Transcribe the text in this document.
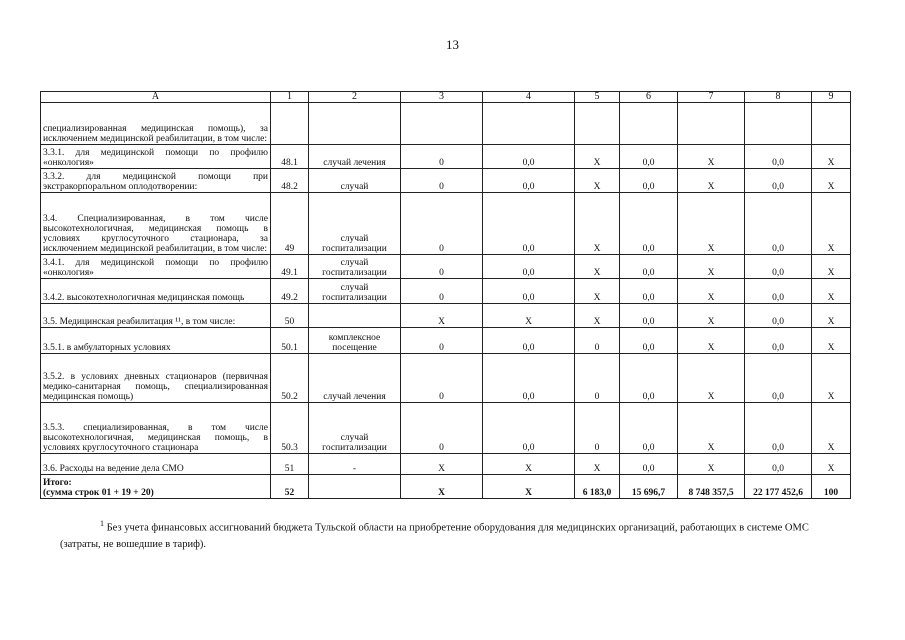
13
А	1	2	3	4	5	6	7	8	9
специализированная медицинская помощь), за исключением медицинской реабилитации, в том числе:									
3.3.1. для медицинской помощи по профилю «онкология»	48.1	случай лечения	0	0,0	X	0,0	X	0,0	X
3.3.2. для медицинской помощи при экстракорпоральном оплодотворении:	48.2	случай	0	0,0	X	0,0	X	0,0	X
3.4. Специализированная, в том числе высокотехнологичная, медицинская помощь в условиях круглосуточного стационара, за исключением медицинской реабилитации, в том числе:	49	случай госпитализации	0	0,0	X	0,0	X	0,0	X
3.4.1. для медицинской помощи по профилю «онкология»	49.1	случай госпитализации	0	0,0	X	0,0	X	0,0	X
3.4.2. высокотехнологичная медицинская помощь	49.2	случай госпитализации	0	0,0	X	0,0	X	0,0	X
3.5. Медицинская реабилитация ¹¹, в том числе:	50		X	X	X	0,0	X	0,0	X
3.5.1. в амбулаторных условиях	50.1	комплексное посещение	0	0,0	0	0,0	X	0,0	X
3.5.2. в условиях дневных стационаров (первичная медико-санитарная помощь, специализированная медицинская помощь)	50.2	случай лечения	0	0,0	0	0,0	X	0,0	X
3.5.3. специализированная, в том числе высокотехнологичная, медицинская помощь, в условиях круглосуточного стационара	50.3	случай госпитализации	0	0,0	0	0,0	X	0,0	X
3.6. Расходы на ведение дела СМО	51	-	X	X	X	0,0	X	0,0	X

Итого:
(сумма строк 01 + 19 + 20)	52		X	X	6 183,0	15 696,7	8 748 357,5	22 177 452,6	100
$^1$ Без учета финансовых ассигнований бюджета Тульской области на приобретение оборудования для медицинских организаций, работающих в системе ОМС (затраты, не вошедшие в тариф).
